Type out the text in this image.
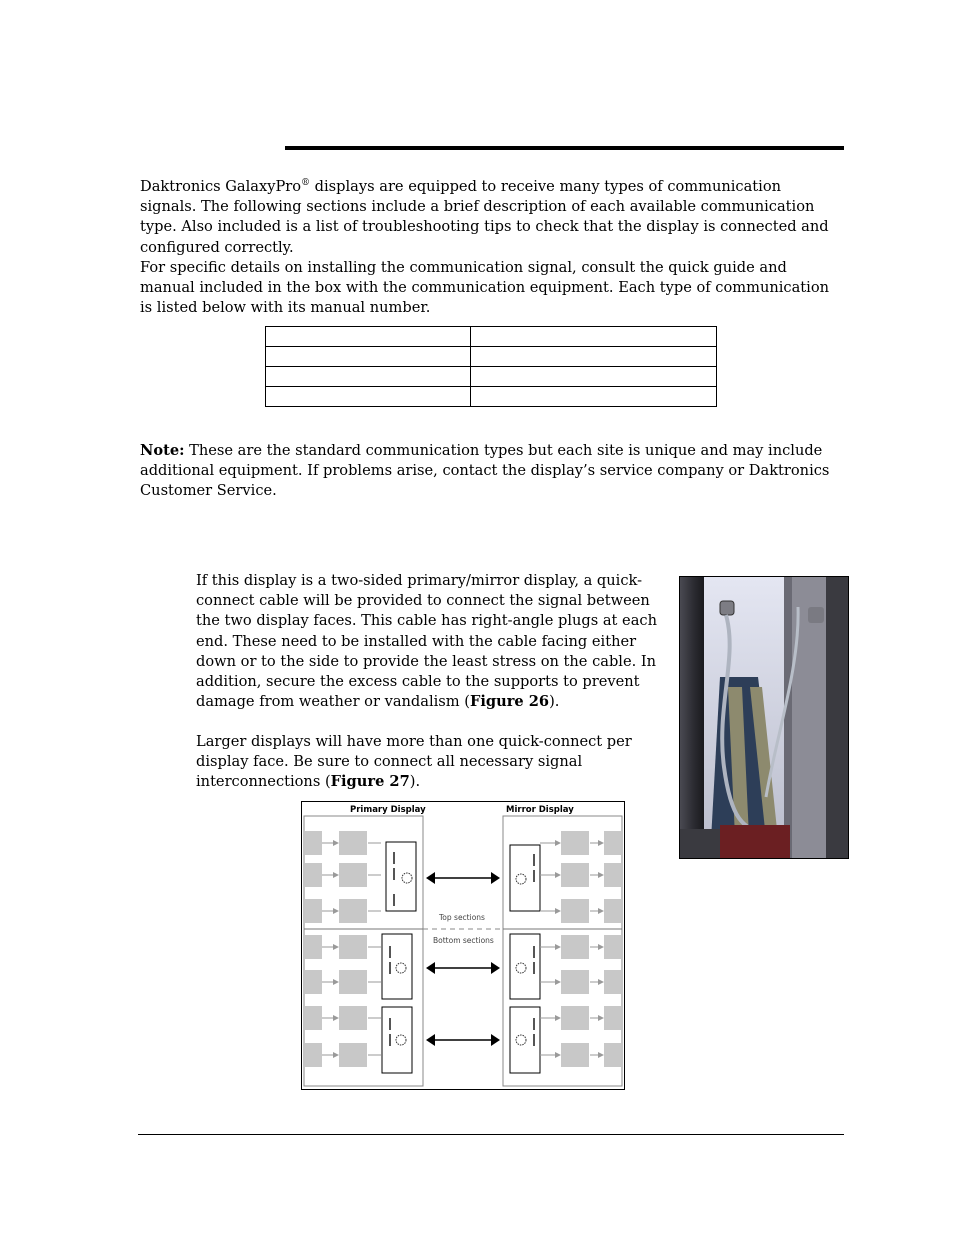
Daktronics GalaxyPro® displays are equipped to receive many types of communication signals. The following sections include a brief description of each available communication type. Also included is a list of troubleshooting tips to check that the display is connected and configured correctly.

For specific details on installing the communication signal, consult the quick guide and manual included in the box with the communication equipment. Each type of communication is listed below with its manual number.

Note: These are the standard communication types but each site is unique and may include additional equipment. If problems arise, contact the display’s service company or Daktronics Customer Service.

If this display is a two-sided primary/mirror display, a quick-connect cable will be provided to connect the signal between the two display faces. This cable has right-angle plugs at each end. These need to be installed with the cable facing either down or to the side to provide the least stress on the cable. In addition, secure the excess cable to the supports to prevent damage from weather or vandalism (Figure 26).

Larger displays will have more than one quick-connect per display face. Be sure to connect all necessary signal interconnections (Figure 27).

Primary Display	Mirror Display
Top sections
Bottom sections
